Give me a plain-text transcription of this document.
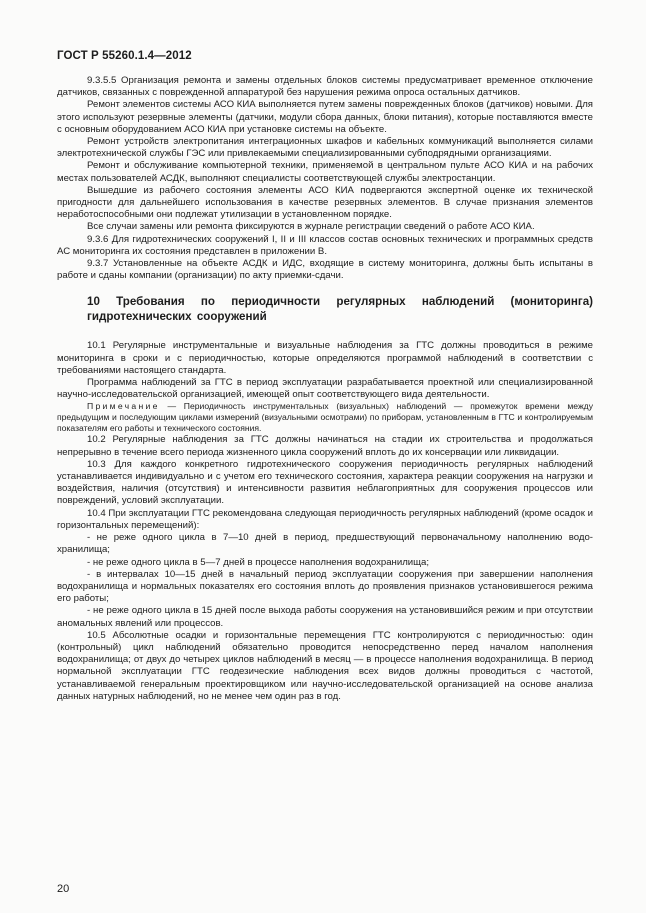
ГОСТ Р 55260.1.4—2012

9.3.5.5 Организация ремонта и замены отдельных блоков системы предусматривает временное отключение датчиков, связанных с поврежденной аппаратурой без нарушения режима опроса остальных датчиков.

Ремонт элементов системы АСО КИА выполняется путем замены поврежденных блоков (датчиков) новыми. Для этого используют резервные элементы (датчики, модули сбора данных, блоки питания), которые поставляются вместе с основным оборудованием АСО КИА при установке системы на объекте.

Ремонт устройств электропитания интеграционных шкафов и кабельных коммуникаций выполняется силами электротехнической службы ГЭС или привлекаемыми специализированными субподрядными организациями.

Ремонт и обслуживание компьютерной техники, применяемой в центральном пульте АСО КИА и на рабочих местах пользователей АСДК, выполняют специалисты соответствующей службы электростанции.

Вышедшие из рабочего состояния элементы АСО КИА подвергаются экспертной оценке их технической пригодности для дальнейшего использования в качестве резервных элементов. В случае признания элементов неработоспособными они подлежат утилизации в установленном порядке.

Все случаи замены или ремонта фиксируются в журнале регистрации сведений о работе АСО КИА.

9.3.6 Для гидротехнических сооружений I, II и III классов состав основных технических и программных средств АС мониторинга их состояния представлен в приложении В.

9.3.7 Установленные на объекте АСДК и ИДС, входящие в систему мониторинга, должны быть испытаны в работе и сданы компании (организации) по акту приемки-сдачи.

10 Требования по периодичности регулярных наблюдений (мониторинга) гидротехнических сооружений

10.1 Регулярные инструментальные и визуальные наблюдения за ГТС должны проводиться в режиме мониторинга в сроки и с периодичностью, которые определяются программой наблюдений в соответствии с требованиями настоящего стандарта.

Программа наблюдений за ГТС в период эксплуатации разрабатывается проектной или специализированной научно-исследовательской организацией, имеющей опыт соответствующего вида деятельности.

Примечание — Периодичность инструментальных (визуальных) наблюдений — промежуток времени между предыдущим и последующим циклами измерений (визуальными осмотрами) по приборам, установленным в ГТС и контролируемым показателям его работы и технического состояния.

10.2 Регулярные наблюдения за ГТС должны начинаться на стадии их строительства и продолжаться непрерывно в течение всего периода жизненного цикла сооружений вплоть до их консервации или ликвидации.

10.3 Для каждого конкретного гидротехнического сооружения периодичность регулярных наблюдений устанавливается индивидуально и с учетом его технического состояния, характера реакции сооружения на нагрузки и воздействия, наличия (отсутствия) и интенсивности развития неблагоприятных для сооружения процессов или повреждений, условий эксплуатации.

10.4 При эксплуатации ГТС рекомендована следующая периодичность регулярных наблюдений (кроме осадок и горизонтальных перемещений):

- не реже одного цикла в 7—10 дней в период, предшествующий первоначальному наполнению водохранилища;

- не реже одного цикла в 5—7 дней в процессе наполнения водохранилища;

- в интервалах 10—15 дней в начальный период эксплуатации сооружения при завершении наполнения водохранилища и нормальных показателях его состояния вплоть до проявления признаков установившегося режима его работы;

- не реже одного цикла в 15 дней после выхода работы сооружения на установившийся режим и при отсутствии аномальных явлений или процессов.

10.5 Абсолютные осадки и горизонтальные перемещения ГТС контролируются с периодичностью: один (контрольный) цикл наблюдений обязательно проводится непосредственно перед началом наполнения водохранилища; от двух до четырех циклов наблюдений в месяц — в процессе наполнения водохранилища. В период нормальной эксплуатации ГТС геодезические наблюдения всех видов должны проводиться с частотой, устанавливаемой генеральным проектировщиком или научно-исследовательской организацией на основе анализа данных натурных наблюдений, но не менее чем один раз в год.

20
